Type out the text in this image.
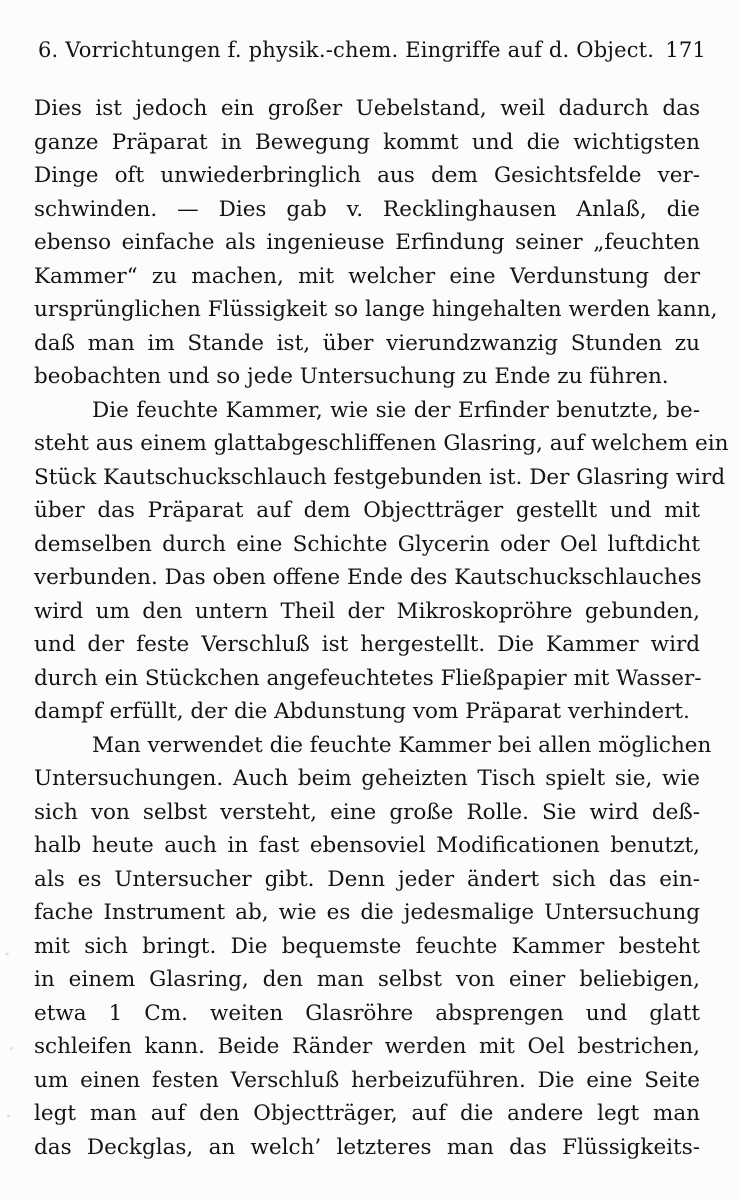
6. Vorrichtungen f. physik.-chem. Eingriffe auf d. Object. 171
Dies ist jedoch ein großer Uebelstand, weil dadurch das
ganze Präparat in Bewegung kommt und die wichtigsten
Dinge oft unwiederbringlich aus dem Gesichtsfelde ver-
schwinden. — Dies gab v. Recklinghausen Anlaß, die
ebenso einfache als ingenieuse Erfindung seiner „feuchten
Kammer“ zu machen, mit welcher eine Verdunstung der
ursprünglichen Flüssigkeit so lange hingehalten werden kann,
daß man im Stande ist, über vierundzwanzig Stunden zu
beobachten und so jede Untersuchung zu Ende zu führen.
Die feuchte Kammer, wie sie der Erfinder benutzte, be-
steht aus einem glattabgeschliffenen Glasring, auf welchem ein
Stück Kautschuckschlauch festgebunden ist. Der Glasring wird
über das Präparat auf dem Objectträger gestellt und mit
demselben durch eine Schichte Glycerin oder Oel luftdicht
verbunden. Das oben offene Ende des Kautschuckschlauches
wird um den untern Theil der Mikroskopröhre gebunden,
und der feste Verschluß ist hergestellt. Die Kammer wird
durch ein Stückchen angefeuchtetes Fließpapier mit Wasser-
dampf erfüllt, der die Abdunstung vom Präparat verhindert.
Man verwendet die feuchte Kammer bei allen möglichen
Untersuchungen. Auch beim geheizten Tisch spielt sie, wie
sich von selbst versteht, eine große Rolle. Sie wird deß-
halb heute auch in fast ebensoviel Modificationen benutzt,
als es Untersucher gibt. Denn jeder ändert sich das ein-
fache Instrument ab, wie es die jedesmalige Untersuchung
mit sich bringt. Die bequemste feuchte Kammer besteht
in einem Glasring, den man selbst von einer beliebigen,
etwa 1 Cm. weiten Glasröhre absprengen und glatt
schleifen kann. Beide Ränder werden mit Oel bestrichen,
um einen festen Verschluß herbeizuführen. Die eine Seite
legt man auf den Objectträger, auf die andere legt man
das Deckglas, an welch’ letzteres man das Flüssigkeits-
